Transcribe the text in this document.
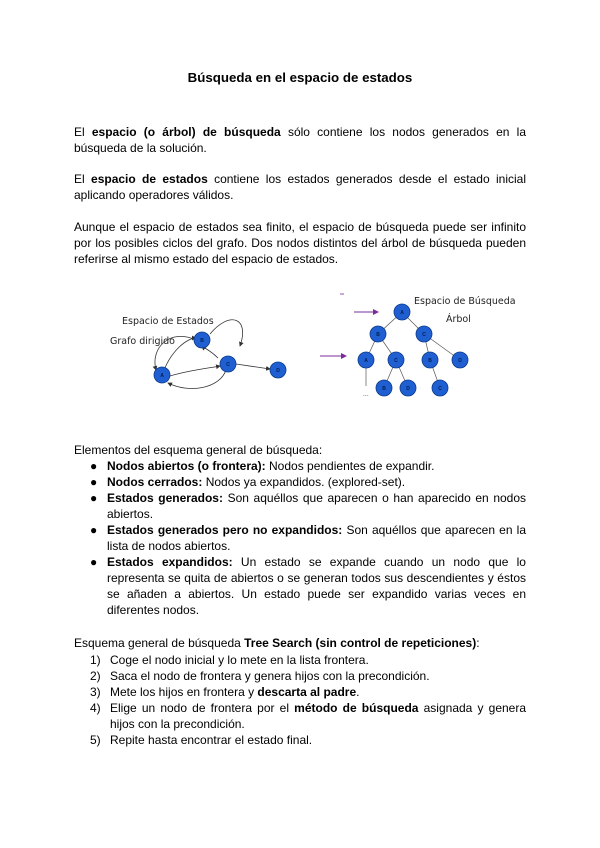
Búsqueda en el espacio de estados
El espacio (o árbol) de búsqueda sólo contiene los nodos generados en la búsqueda de la solución.
El espacio de estados contiene los estados generados desde el estado inicial aplicando operadores válidos.
Aunque el espacio de estados sea finito, el espacio de búsqueda puede ser infinito por los posibles ciclos del grafo. Dos nodos distintos del árbol de búsqueda pueden referirse al mismo estado del espacio de estados.
Espacio de Estados
Grafo dirigido	B
A
C
D
Espacio de Búsqueda
Árbol
...
A
B	C
A	C	B	D
B	D	C
Elementos del esquema general de búsqueda:
● Nodos abiertos (o frontera): Nodos pendientes de expandir.
● Nodos cerrados: Nodos ya expandidos. (explored-set).
● Estados generados: Son aquéllos que aparecen o han aparecido en nodos abiertos.
● Estados generados pero no expandidos: Son aquéllos que aparecen en la lista de nodos abiertos.
● Estados expandidos: Un estado se expande cuando un nodo que lo representa se quita de abiertos o se generan todos sus descendientes y éstos se añaden a abiertos. Un estado puede ser expandido varias veces en diferentes nodos.
Esquema general de búsqueda Tree Search (sin control de repeticiones):
1) Coge el nodo inicial y lo mete en la lista frontera.
2) Saca el nodo de frontera y genera hijos con la precondición.
3) Mete los hijos en frontera y descarta al padre.
4) Elige un nodo de frontera por el método de búsqueda asignada y genera hijos con la precondición.
5) Repite hasta encontrar el estado final.
